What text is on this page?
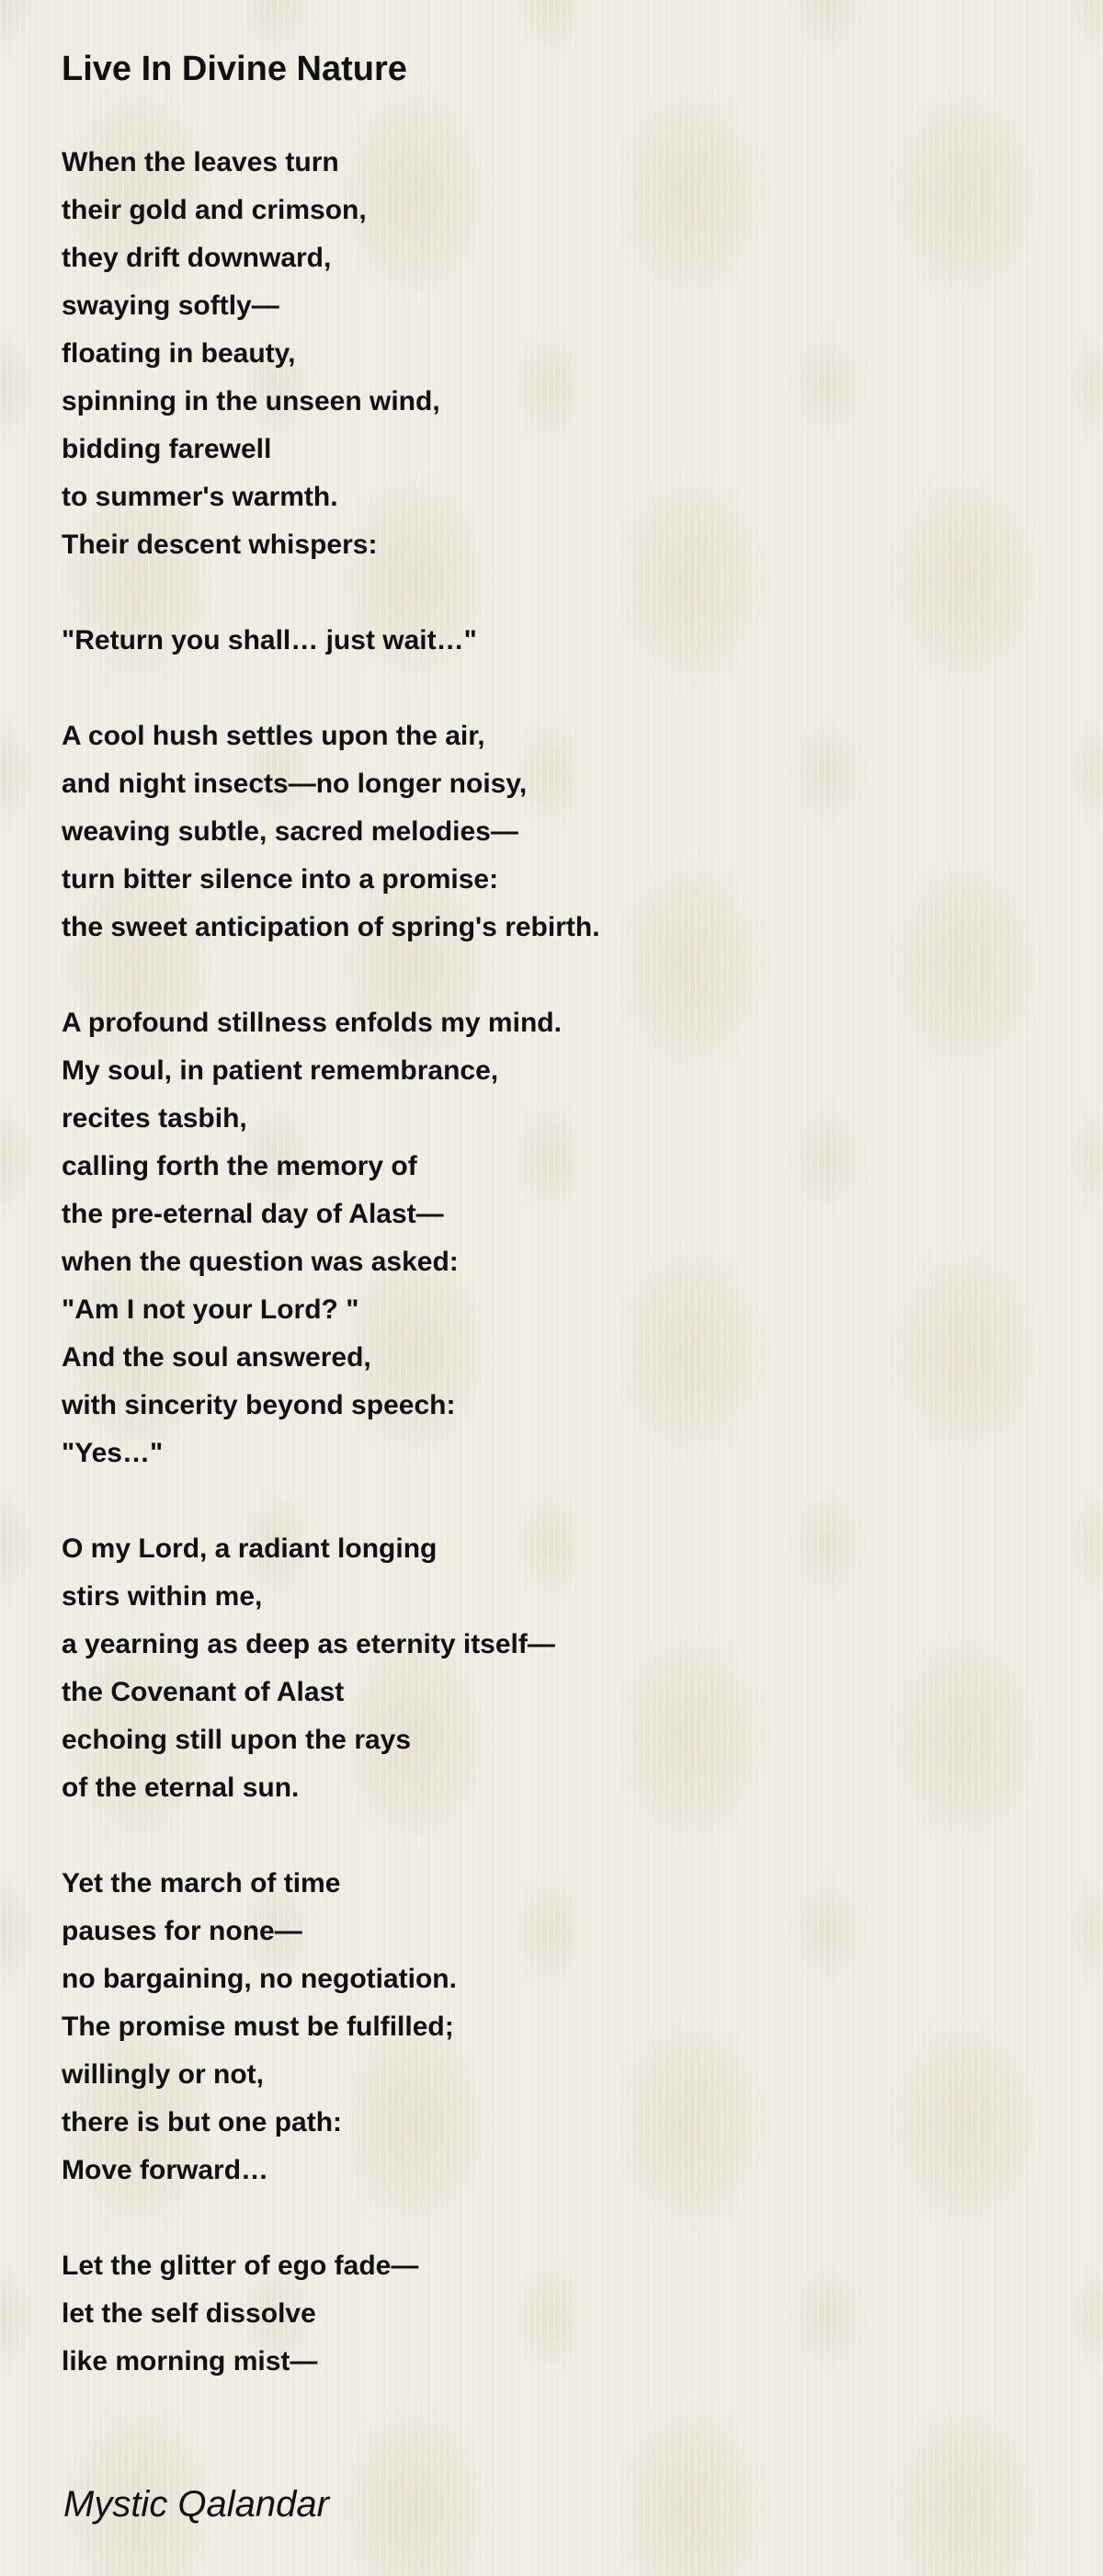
Live In Divine Nature
When the leaves turn
their gold and crimson,
they drift downward,
swaying softly—
floating in beauty,
spinning in the unseen wind,
bidding farewell
to summer's warmth.
Their descent whispers:
"Return you shall… just wait…"
A cool hush settles upon the air,
and night insects—no longer noisy,
weaving subtle, sacred melodies—
turn bitter silence into a promise:
the sweet anticipation of spring's rebirth.
A profound stillness enfolds my mind.
My soul, in patient remembrance,
recites tasbih,
calling forth the memory of
the pre-eternal day of Alast—
when the question was asked:
"Am I not your Lord? "
And the soul answered,
with sincerity beyond speech:
"Yes…"
O my Lord, a radiant longing
stirs within me,
a yearning as deep as eternity itself—
the Covenant of Alast
echoing still upon the rays
of the eternal sun.
Yet the march of time
pauses for none—
no bargaining, no negotiation.
The promise must be fulfilled;
willingly or not,
there is but one path:
Move forward…
Let the glitter of ego fade—
let the self dissolve
like morning mist—
Mystic Qalandar
